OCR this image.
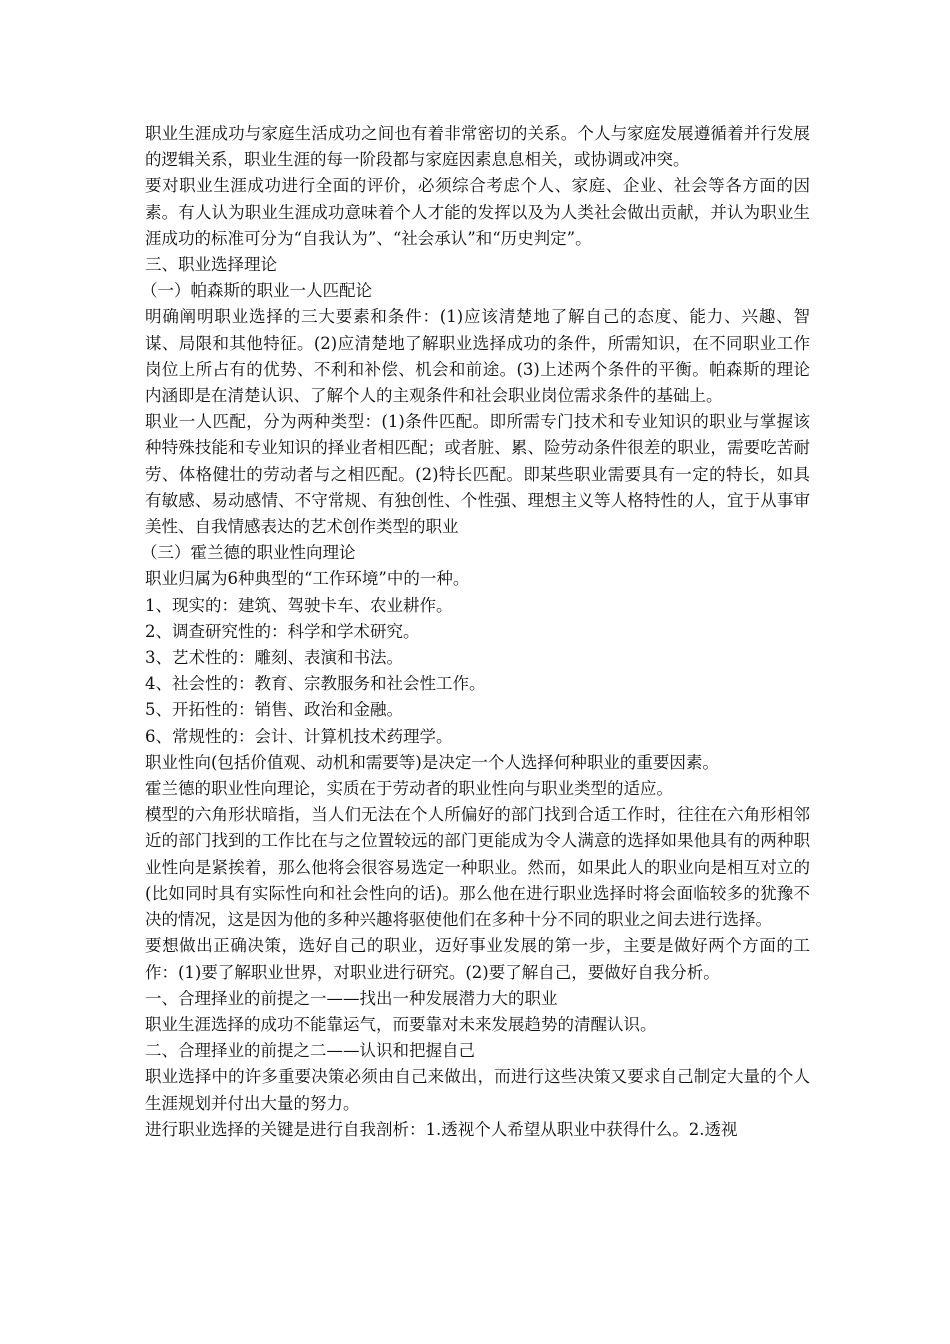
职业生涯成功与家庭生活成功之间也有着非常密切的关系。个人与家庭发展遵循着并行发展的逻辑关系，职业生涯的每一阶段都与家庭因素息息相关，或协调或冲突。

要对职业生涯成功进行全面的评价，必须综合考虑个人、家庭、企业、社会等各方面的因素。有人认为职业生涯成功意味着个人才能的发挥以及为人类社会做出贡献，并认为职业生涯成功的标准可分为“自我认为”、“社会承认”和“历史判定”。

三、职业选择理论

（一）帕森斯的职业一人匹配论

明确阐明职业选择的三大要素和条件：(1)应该清楚地了解自己的态度、能力、兴趣、智谋、局限和其他特征。(2)应清楚地了解职业选择成功的条件，所需知识，在不同职业工作岗位上所占有的优势、不利和补偿、机会和前途。(3)上述两个条件的平衡。帕森斯的理论内涵即是在清楚认识、了解个人的主观条件和社会职业岗位需求条件的基础上。

职业一人匹配，分为两种类型：(1)条件匹配。即所需专门技术和专业知识的职业与掌握该种特殊技能和专业知识的择业者相匹配；或者脏、累、险劳动条件很差的职业，需要吃苦耐劳、体格健壮的劳动者与之相匹配。(2)特长匹配。即某些职业需要具有一定的特长，如具有敏感、易动感情、不守常规、有独创性、个性强、理想主义等人格特性的人，宜于从事审美性、自我情感表达的艺术创作类型的职业

（三）霍兰德的职业性向理论

职业归属为6种典型的“工作环境”中的一种。

1、现实的：建筑、驾驶卡车、农业耕作。

2、调查研究性的：科学和学术研究。

3、艺术性的：雕刻、表演和书法。

4、社会性的：教育、宗教服务和社会性工作。

5、开拓性的：销售、政治和金融。

6、常规性的：会计、计算机技术药理学。

职业性向(包括价值观、动机和需要等)是决定一个人选择何种职业的重要因素。

霍兰德的职业性向理论，实质在于劳动者的职业性向与职业类型的适应。

模型的六角形状暗指，当人们无法在个人所偏好的部门找到合适工作时，往往在六角形相邻近的部门找到的工作比在与之位置较远的部门更能成为令人满意的选择如果他具有的两种职业性向是紧挨着，那么他将会很容易选定一种职业。然而，如果此人的职业向是相互对立的(比如同时具有实际性向和社会性向的话)。那么他在进行职业选择时将会面临较多的犹豫不决的情况，这是因为他的多种兴趣将驱使他们在多种十分不同的职业之间去进行选择。

要想做出正确决策，选好自己的职业，迈好事业发展的第一步，主要是做好两个方面的工作：(1)要了解职业世界，对职业进行研究。(2)要了解自己，要做好自我分析。

一、合理择业的前提之一——找出一种发展潜力大的职业

职业生涯选择的成功不能靠运气，而要靠对未来发展趋势的清醒认识。

二、合理择业的前提之二——认识和把握自己

职业选择中的许多重要决策必须由自己来做出，而进行这些决策又要求自己制定大量的个人生涯规划并付出大量的努力。

进行职业选择的关键是进行自我剖析：1.透视个人希望从职业中获得什么。2.透视
